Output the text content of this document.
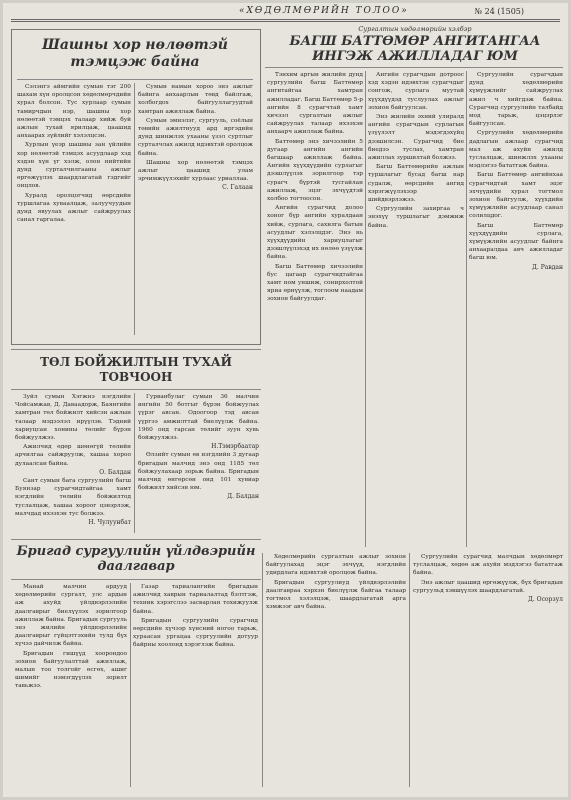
«ХӨДӨЛМӨРИЙН ТОЛОО»	№ 24 (1505)
Шашны хор нөлөөтэй тэмцэж байна

Сэлэнгэ аймгийн сумын тэг 200 шахам хүн оролцсон хөдөлмөрчдийн хурал болсон. Тус хурлаар сумын тамирчдын нэр, шашны хор нөлөөтэй тэмцэх талаар хийж буй ажлын тухай ярилцаж, цаашид анхаарах зүйлийг хэлэлцсэн.

Хурлын үеэр шашны зан үйлийн хор нөлөөтэй тэмцэх асуудлаар хэд хэдэн хүн үг хэлж, олон нийтийн дунд сурталчилгааны ажлыг өргөжүүлэх шаардлагатай гэдгийг онцлов.

Хуралд оролцогчид өөрсдийн туршлагаа хуваалцаж, залуучуудын дунд явуулах ажлыг сайжруулах санал гаргалаа.

Сумын намын хороо энэ ажлыг байнга анхаарлын төвд байлгаж, холбогдох байгууллагуудтай хамтран ажиллаж байна.

Сумын эмнэлэг, сургууль, соёлын төвийн ажилтнууд ард иргэдийн дунд шинжлэх ухааны үзэл суртлыг сурталчлах ажилд идэвхтэй оролцож байна.

Шашны хор нөлөөтэй тэмцэх ажлыг цаашид улам эрчимжүүлэхийг хурлаас уриаллаа.

С. Галаан
Сургалтын хөдөлмөрийн хэлбэр
БАГШ БАТТӨМӨР АНГИТАНГАА ИНГЭЖ АЖИЛЛАДАГ ЮМ

Тэнхим аргын жилийн дунд сургуулийн багш Баттөмөр ангитайгаа хамтран ажилладаг. Багш Баттөмөр 5-р ангийн 8 сурагчтай хамт хичээл сургалтын ажлыг сайжруулах талаар ихээхэн анхаарч ажиллаж байна.

Баттөмөр энэ хичээлийн 5 дугаар ангийн ангийн багшаар ажиллаж байна. Ангийн хүүхдүүдийн сурлагыг дээшлүүлэх зорилгоор тэр сурагч бүртэй тусгайлан ажиллаж, эцэг эхчүүдтэй холбоо тогтоосон.

Ангийн сурагчид долоо хоног бүр ангийн хуралдаан хийж, сурлага, сахилга батын асуудлыг хэлэлцдэг. Энэ нь хүүхдүүдийн хариуцлагыг дээшлүүлэхэд их нөлөө үзүүлж байна.

Багш Баттөмөр хичээлийн бус цагаар сурагчидтайгаа хамт ном уншиж, сонирхолтой яриа өрнүүлж, тоглоом наадам зохион байгуулдаг.

Ангийн сурагчдын дотроос хэд хэдэн идэвхтэн сурагчдыг сонгож, сурлага муутай хүүхдүүдэд туслуулах ажлыг зохион байгуулсан.

Энэ жилийн эхний улиралд ангийн сурагчдын сурлагын үзүүлэлт мэдэгдэхүйц дээшилсэн. Сурагчид бие биедээ туслах, хамтран ажиллах зуршилтай болжээ.

Багш Баттөмөрийн ажлын туршлагыг бусад багш нар судалж, өөрсдийн ангид хэрэгжүүлэхээр шийдвэрлэжээ.

Сургуулийн захиргаа ч энэхүү туршлагыг дэмжиж байна.

Сургуулийн сурагчдын дунд хөдөлмөрийн хүмүүжлийг сайжруулах ажил ч хийгдэж байна. Сурагчид сургуулийн талбайд мод тарьж, цэцэрлэг байгуулсан.

Сургуулийн хөдөлмөрийн дадлагын ажлаар сурагчид мал аж ахуйн ажилд туслалцаж, шинжлэх ухааны мэдлэгээ бататгаж байна.

Багш Баттөмөр ангийнхаа сурагчидтай хамт эцэг эхчүүдийн хурал тогтмол зохион байгуулж, хүүхдийн хүмүүжлийн асуудлаар санал солилцдог.

Багш Баттөмөр хүүхдүүдийн сурлага, хүмүүжлийн асуудлыг байнга анхааралдаа авч ажилладаг багш юм.

Д. Равдан
ТӨЛ БОЙЖИЛТЫН ТУХАЙ ТОВЧООН

Зуйл сумын Хэгжнэ нэгдлийн Чойсамжав, Д. Даваадорж, Баянгийн хамтран төл бойжилт хийсэн ажлын талаар мэдээлэл ирүүлэв. Тэдний хариуцсан хонины төлийг бүрэн бойжуулжээ.

Ажилчид өдөр шөнөгүй төлийн арчилгаа сайжруулж, хашаа хороо дулаалсан байна.

О. Балдан

Сант сумын бага сургуулийн багш Буянзар сурагчидтайгаа хамт нэгдлийн төлийн бойжилтод туслалцаж, хашаа хороог цэвэрлэж, малчдад ихээхэн тус болжээ.

Н. Чулуунбат

Гурванбулаг сумын 36 малчин ингийн 50 ботгыг бүрэн бойжуулах үүрэг авсан. Одоогоор тэд авсан үүргээ амжилттай биелүүлж байна. 1960 онд гарсан төлийг зуун хувь бойжуулжээ.

Н.Тэмэрбаатар

Өлзийт сумын өв нэгдлийн 3 дугаар бригадын малчид энэ онд 1185 төл бойжуулахаар зорьж байна. Бригадын малчид өнгөрсөн онд 101 хувиар бойжилт хийсэн юм.

Д. Балдан
Бригад сургуулийн үйлдвэрийн даалгавар

Манай малчин ардууд хөдөлмөрийн сургалт, улс ардын аж ахуйд үйлдвэрлэлийн даалгаврыг биелүүлэх зорилгоор ажиллаж байна. Бригадын сургууль энэ жилийн үйлдвэрлэлийн даалгаврыг гүйцэтгэхийн тулд бүх хүчээ дайчилж байна.

Бригадын гишүүд хоорондоо зохион байгуулалттай ажиллаж, малын тоо толгойг өсгөх, ашиг шимийг нэмэгдүүлэх зорилт тавьжээ.

Газар тариалангийн бригадын ажилчид хаврын тариалалтад бэлтгэж, техник хэрэгслээ засварлан тохижуулж байна.

Бригадын сургуулийн сурагчид өөрсдийн хүчээр хүнсний ногоо тарьж, хураасан ургацаа сургуулийн дотуур байрны хоолонд хэрэглэж байна.

Хөдөлмөрийн сургалтын ажлыг зохион байгуулахад эцэг эхчүүд, нэгдлийн удирдлага идэвхтэй оролцож байна.

Бригадын сургуулиуд үйлдвэрлэлийн даалгавраа хэрхэн биелүүлж байгаа талаар тогтмол хэлэлцэж, шаардлагатай арга хэмжээг авч байна.

Сургуулийн сурагчид малчдын хөдөлмөрт туслалцаж, хөдөө аж ахуйн мэдлэгээ бататгаж байна.

Энэ ажлыг цаашид өргөжүүлж, бүх бригадын сургуульд хэвшүүлэх шаардлагатай.

Д. Осорзул
